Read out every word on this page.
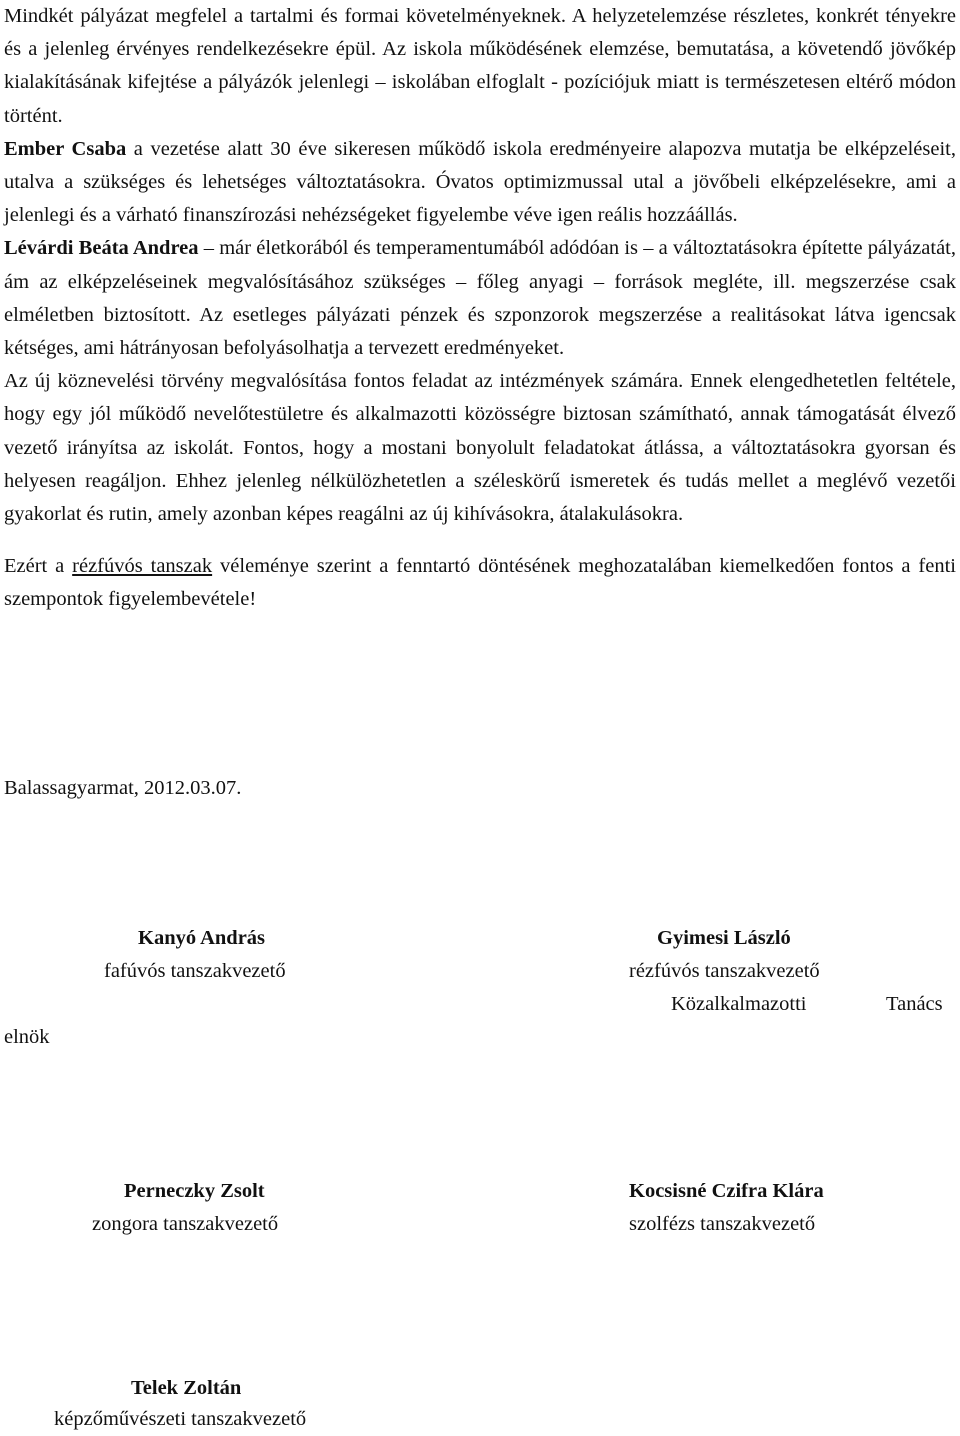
Mindkét pályázat megfelel a tartalmi és formai követelményeknek. A helyzetelemzése részletes, konkrét tényekre és a jelenleg érvényes rendelkezésekre épül. Az iskola működésének elemzése, bemutatása, a követendő jövőkép kialakításának kifejtése a pályázók jelenlegi – iskolában elfoglalt - pozíciójuk miatt is természetesen eltérő módon történt.

Ember Csaba a vezetése alatt 30 éve sikeresen működő iskola eredményeire alapozva mutatja be elképzeléseit, utalva a szükséges és lehetséges változtatásokra. Óvatos optimizmussal utal a jövőbeli elképzelésekre, ami a jelenlegi és a várható finanszírozási nehézségeket figyelembe véve igen reális hozzáállás.

Lévárdi Beáta Andrea – már életkorából és temperamentumából adódóan is – a változtatásokra építette pályázatát, ám az elképzeléseinek megvalósításához szükséges – főleg anyagi – források megléte, ill. megszerzése csak elméletben biztosított. Az esetleges pályázati pénzek és szponzorok megszerzése a realitásokat látva igencsak kétséges, ami hátrányosan befolyásolhatja a tervezett eredményeket.

Az új köznevelési törvény megvalósítása fontos feladat az intézmények számára. Ennek elengedhetetlen feltétele, hogy egy jól működő nevelőtestületre és alkalmazotti közösségre biztosan számítható, annak támogatását élvező vezető irányítsa az iskolát. Fontos, hogy a mostani bonyolult feladatokat átlássa, a változtatásokra gyorsan és helyesen reagáljon. Ehhez jelenleg nélkülözhetetlen a széleskörű ismeretek és tudás mellet a meglévő vezetői gyakorlat és rutin, amely azonban képes reagálni az új kihívásokra, átalakulásokra.

Ezért a rézfúvós tanszak véleménye szerint a fenntartó döntésének meghozatalában kiemelkedően fontos a fenti szempontok figyelembevétele!

Balassagyarmat, 2012.03.07.

Kanyó András

fafúvós tanszakvezető

Gyimesi László

rézfúvós tanszakvezető

Közalkalmazotti	Tanács

elnök

Perneczky Zsolt

zongora tanszakvezető

Kocsisné Czifra Klára

szolfézs tanszakvezető

Telek Zoltán

képzőművészeti tanszakvezető
